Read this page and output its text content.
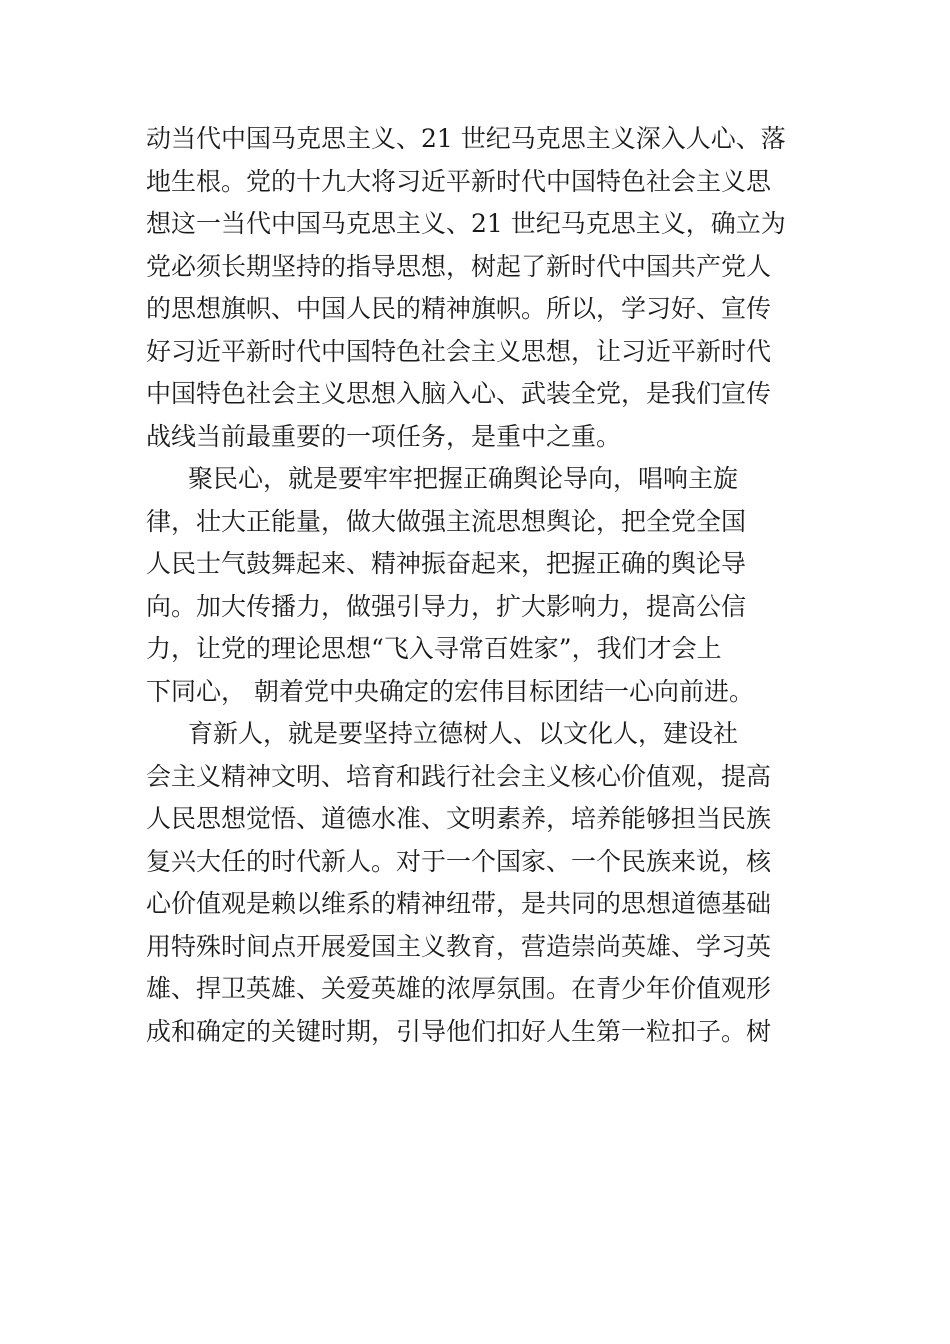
动当代中国马克思主义、21 世纪马克思主义深入人心、落

地生根。党的十九大将习近平新时代中国特色社会主义思

想这一当代中国马克思主义、21 世纪马克思主义，确立为

党必须长期坚持的指导思想，树起了新时代中国共产党人

的思想旗帜、中国人民的精神旗帜。所以，学习好、宣传

好习近平新时代中国特色社会主义思想，让习近平新时代

中国特色社会主义思想入脑入心、武装全党，是我们宣传

战线当前最重要的一项任务，是重中之重。

聚民心，就是要牢牢把握正确舆论导向，唱响主旋

律，壮大正能量，做大做强主流思想舆论，把全党全国

人民士气鼓舞起来、精神振奋起来，把握正确的舆论导

向。加大传播力，做强引导力，扩大影响力，提高公信

力，让党的理论思想“飞入寻常百姓家”，我们才会上

下同心， 朝着党中央确定的宏伟目标团结一心向前进。

育新人，就是要坚持立德树人、以文化人，建设社

会主义精神文明、培育和践行社会主义核心价值观，提高

人民思想觉悟、道德水准、文明素养，培养能够担当民族

复兴大任的时代新人。对于一个国家、一个民族来说，核

心价值观是赖以维系的精神纽带，是共同的思想道德基础

用特殊时间点开展爱国主义教育，营造崇尚英雄、学习英

雄、捍卫英雄、关爱英雄的浓厚氛围。在青少年价值观形

成和确定的关键时期，引导他们扣好人生第一粒扣子。树
